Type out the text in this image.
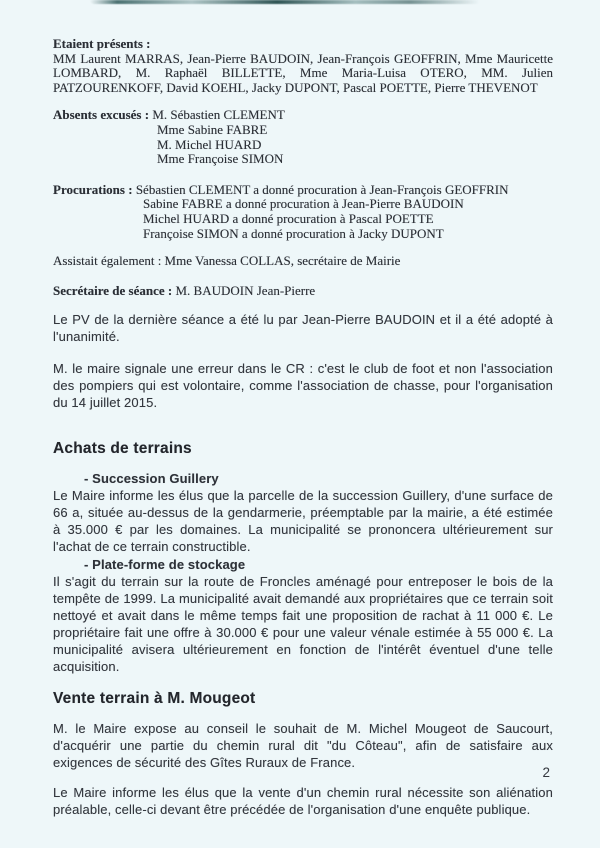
Etaient présents :

MM Laurent MARRAS, Jean-Pierre BAUDOIN, Jean-François GEOFFRIN, Mme Mauricette LOMBARD, M. Raphaël BILLETTE, Mme Maria-Luisa OTERO, MM. Julien PATZOURENKOFF, David KOEHL, Jacky DUPONT, Pascal POETTE, Pierre THEVENOT

Absents excusés : M. Sébastien CLEMENT
Mme Sabine FABRE
M. Michel HUARD
Mme Françoise SIMON
Procurations : Sébastien CLEMENT a donné procuration à Jean-François GEOFFRIN
Sabine FABRE a donné procuration à Jean-Pierre BAUDOIN
Michel HUARD a donné procuration à Pascal POETTE
Françoise SIMON a donné procuration à Jacky DUPONT

Assistait également : Mme Vanessa COLLAS, secrétaire de Mairie

Secrétaire de séance : M. BAUDOIN Jean-Pierre

Le PV de la dernière séance a été lu par Jean-Pierre BAUDOIN et il a été adopté à l'unanimité.

M. le maire signale une erreur dans le CR : c'est le club de foot et non l'association des pompiers qui est volontaire, comme l'association de chasse, pour l'organisation du 14 juillet 2015.

Achats de terrains

- Succession Guillery

Le Maire informe les élus que la parcelle de la succession Guillery, d'une surface de 66 a, située au-dessus de la gendarmerie, préemptable par la mairie, a été estimée à 35.000 € par les domaines. La municipalité se prononcera ultérieurement sur l'achat de ce terrain constructible.

- Plate-forme de stockage

Il s'agit du terrain sur la route de Froncles aménagé pour entreposer le bois de la tempête de 1999. La municipalité avait demandé aux propriétaires que ce terrain soit nettoyé et avait dans le même temps fait une proposition de rachat à 11 000 €. Le propriétaire fait une offre à 30.000 € pour une valeur vénale estimée à 55 000 €. La municipalité avisera ultérieurement en fonction de l'intérêt éventuel d'une telle acquisition.

Vente terrain à M. Mougeot

M. le Maire expose au conseil le souhait de M. Michel Mougeot de Saucourt, d'acquérir une partie du chemin rural dit "du Côteau", afin de satisfaire aux exigences de sécurité des Gîtes Ruraux de France.

Le Maire informe les élus que la vente d'un chemin rural nécessite son aliénation préalable, celle-ci devant être précédée de l'organisation d'une enquête publique.

2
